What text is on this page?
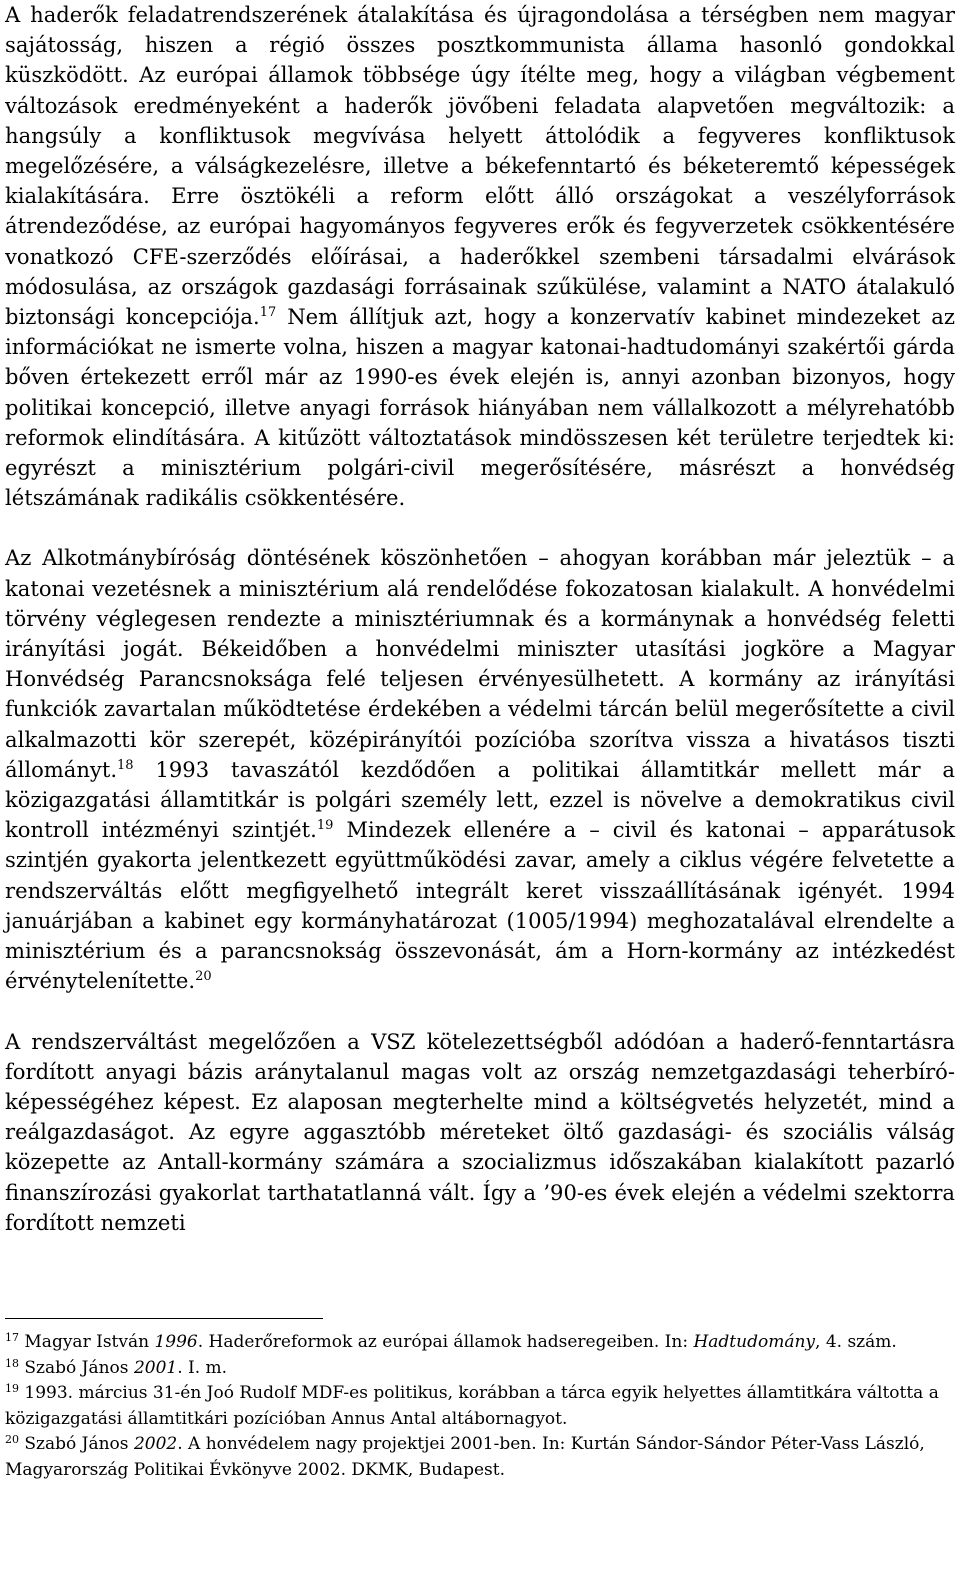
A haderők feladatrendszerének átalakítása és újragondolása a térségben nem magyar sajátosság, hiszen a régió összes posztkommunista állama hasonló gondokkal küszködött. Az európai államok többsége úgy ítélte meg, hogy a világban végbement változások eredményeként a haderők jövőbeni feladata alapvetően megváltozik: a hangsúly a konfliktusok megvívása helyett áttolódik a fegyveres konfliktusok megelőzésére, a válságkezelésre, illetve a békefenntartó és béketeremtő képességek kialakítására. Erre ösztökéli a reform előtt álló országokat a veszélyforrások átrendeződése, az európai hagyományos fegyveres erők és fegyverzetek csökkentésére vonatkozó CFE-szerződés előírásai, a haderőkkel szembeni társadalmi elvárások módosulása, az országok gazdasági forrásainak szűkülése, valamint a NATO átalakuló biztonsági koncepciója.$^{17}$ Nem állítjuk azt, hogy a konzervatív kabinet mindezeket az információkat ne ismerte volna, hiszen a magyar katonai-hadtudományi szakértői gárda bőven értekezett erről már az 1990-es évek elején is, annyi azonban bizonyos, hogy politikai koncepció, illetve anyagi források hiányában nem vállalkozott a mélyrehatóbb reformok elindítására. A kitűzött változtatások mindösszesen két területre terjedtek ki: egyrészt a minisztérium polgári-civil megerősítésére, másrészt a honvédség létszámának radikális csökkentésére.

Az Alkotmánybíróság döntésének köszönhetően – ahogyan korábban már jeleztük – a katonai vezetésnek a minisztérium alá rendelődése fokozatosan kialakult. A honvédelmi törvény véglegesen rendezte a minisztériumnak és a kormánynak a honvédség feletti irányítási jogát. Békeidőben a honvédelmi miniszter utasítási jogköre a Magyar Honvédség Parancsnoksága felé teljesen érvényesülhetett. A kormány az irányítási funkciók zavartalan működtetése érdekében a védelmi tárcán belül megerősítette a civil alkalmazotti kör szerepét, középirányítói pozícióba szorítva vissza a hivatásos tiszti állományt.$^{18}$ 1993 tavaszától kezdődően a politikai államtitkár mellett már a közigazgatási államtitkár is polgári személy lett, ezzel is növelve a demokratikus civil kontroll intézményi szintjét.$^{19}$ Mindezek ellenére a – civil és katonai – apparátusok szintjén gyakorta jelentkezett együttműködési zavar, amely a ciklus végére felvetette a rendszerváltás előtt megfigyelhető integrált keret visszaállításának igényét. 1994 januárjában a kabinet egy kormányhatározat (1005/1994) meghozatalával elrendelte a minisztérium és a parancsnokság összevonását, ám a Horn-kormány az intézkedést érvénytelenítette.$^{20}$

A rendszerváltást megelőzően a VSZ kötelezettségből adódóan a haderő-fenntartásra fordított anyagi bázis aránytalanul magas volt az ország nemzetgazdasági teherbíró-képességéhez képest. Ez alaposan megterhelte mind a költségvetés helyzetét, mind a reálgazdaságot. Az egyre aggasztóbb méreteket öltő gazdasági- és szociális válság közepette az Antall-kormány számára a szocializmus időszakában kialakított pazarló finanszírozási gyakorlat tarthatatlanná vált. Így a ’90-es évek elején a védelmi szektorra fordított nemzeti

$^{17}$ Magyar István 1996. Haderőreformok az európai államok hadseregeiben. In: Hadtudomány, 4. szám.

$^{18}$ Szabó János 2001. I. m.

$^{19}$ 1993. március 31-én Joó Rudolf MDF-es politikus, korábban a tárca egyik helyettes államtitkára váltotta a közigazgatási államtitkári pozícióban Annus Antal altábornagyot.

$^{20}$ Szabó János 2002. A honvédelem nagy projektjei 2001-ben. In: Kurtán Sándor-Sándor Péter-Vass László, Magyarország Politikai Évkönyve 2002. DKMK, Budapest.
